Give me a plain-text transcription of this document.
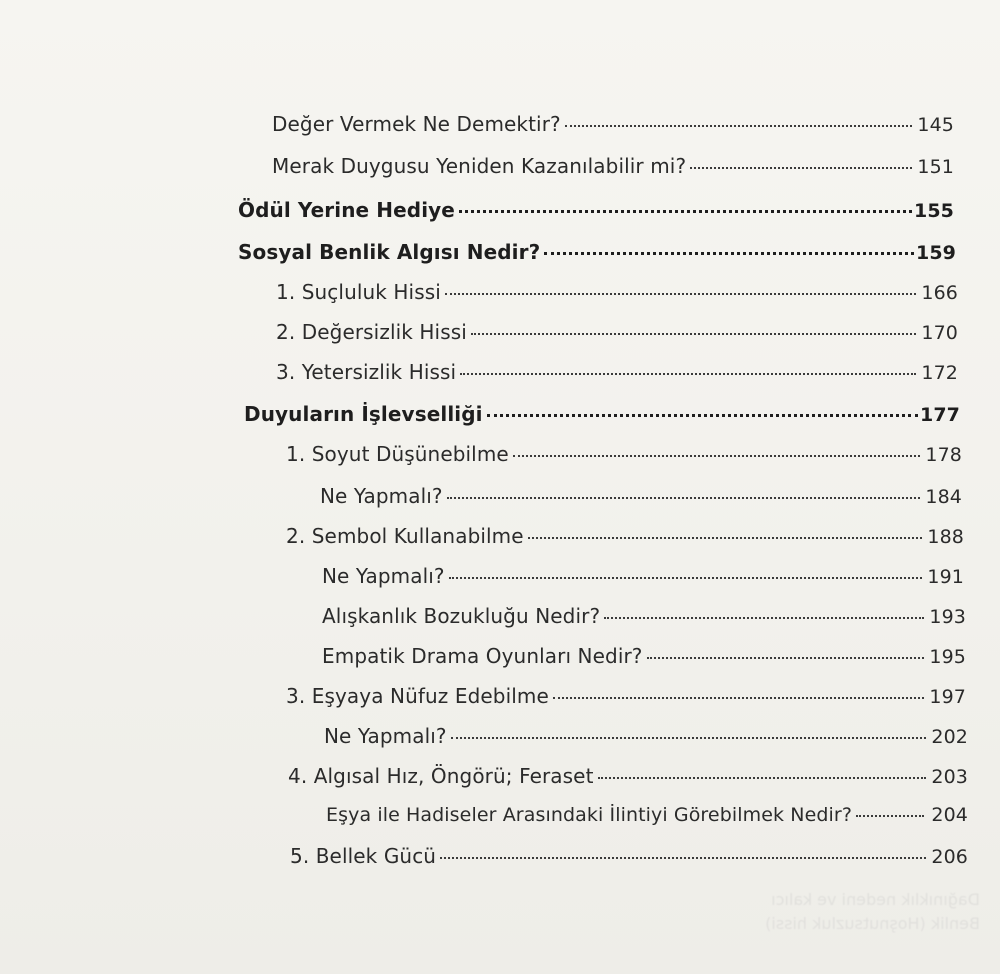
Değer Vermek Ne Demektir?	145
Merak Duygusu Yeniden Kazanılabilir mi?	151
Ödül Yerine Hediye	155
Sosyal Benlik Algısı Nedir?	159
1. Suçluluk Hissi	166
2. Değersizlik Hissi	170
3. Yetersizlik Hissi	172
Duyuların İşlevselliği	177
1. Soyut Düşünebilme	178
Ne Yapmalı?	184
2. Sembol Kullanabilme	188
Ne Yapmalı?	191
Alışkanlık Bozukluğu Nedir?	193
Empatik Drama Oyunları Nedir?	195
3. Eşyaya Nüfuz Edebilme	197
Ne Yapmalı?	202
4. Algısal Hız, Öngörü; Feraset	203
Eşya ile Hadiseler Arasındaki İlintiyi Görebilmek Nedir?	204
5. Bellek Gücü	206
Dağınıklık nedeni ve kalıcı
Benlik (Hoşnutsuzluk hissi)
